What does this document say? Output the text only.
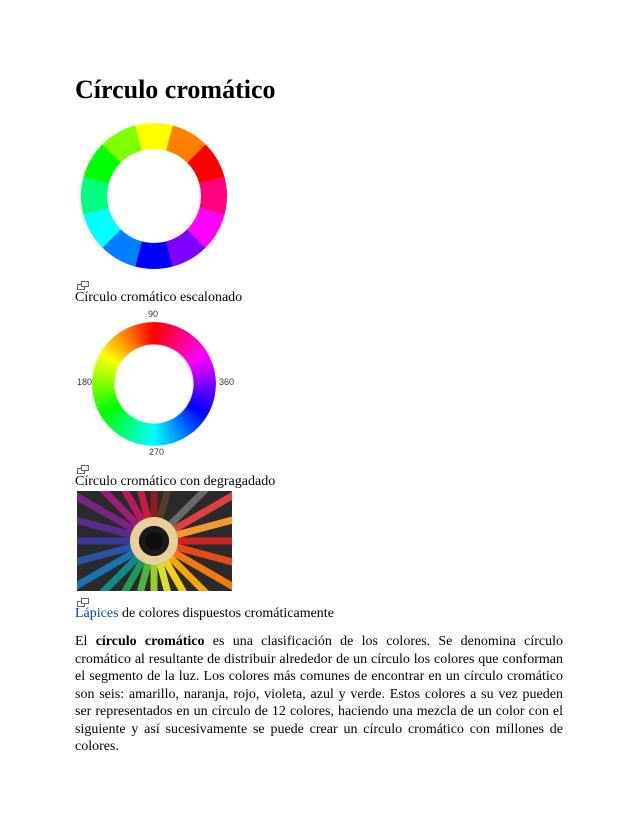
Círculo cromático
Círculo cromático escalonado
90
180	360
270
Círculo cromático con degragadado
Lápices de colores dispuestos cromáticamente

El círculo cromático es una clasificación de los colores. Se denomina círculo cromático al resultante de distribuir alrededor de un círculo los colores que conforman el segmento de la luz. Los colores más comunes de encontrar en un círculo cromático son seis: amarillo, naranja, rojo, violeta, azul y verde. Estos colores a su vez pueden ser representados en un círculo de 12 colores, haciendo una mezcla de un color con el siguiente y así sucesivamente se puede crear un círculo cromático con millones de colores.
